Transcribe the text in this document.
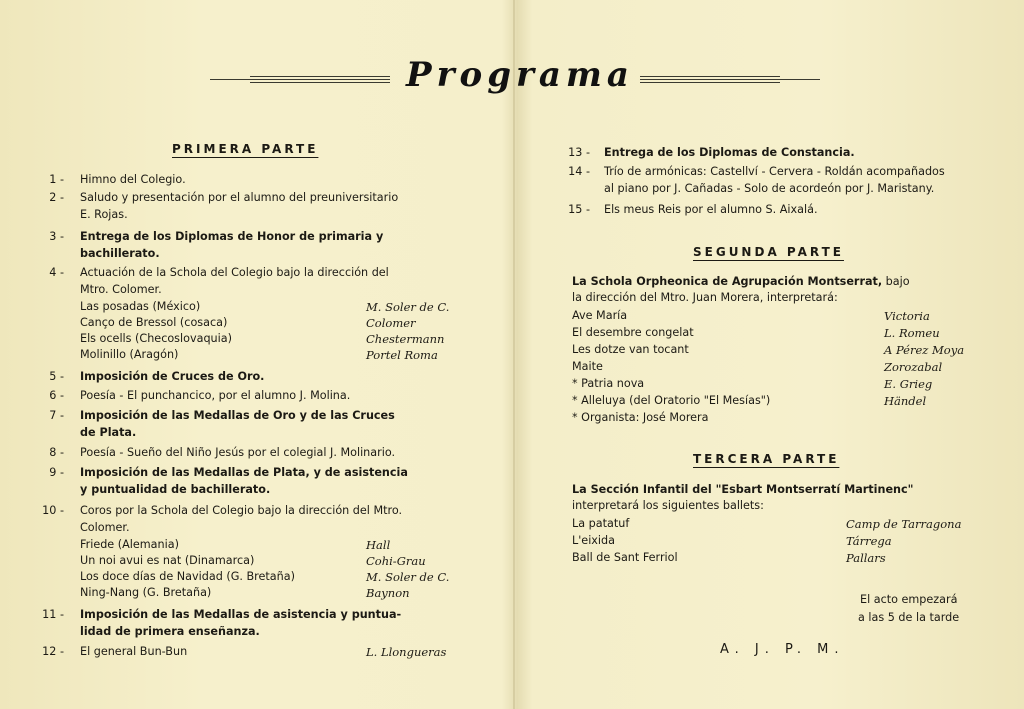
Programa
PRIMERA PARTE
1 - Himno del Colegio.
2 - Saludo y presentación por el alumno del preuniversitario
E. Rojas.
3 - Entrega de los Diplomas de Honor de primaria y
bachillerato.
4 - Actuación de la Schola del Colegio bajo la dirección del
Mtro. Colomer.
Las posadas (México)	M. Soler de C.
Canço de Bressol (cosaca)	Colomer
Els ocells (Checoslovaquia)	Chestermann
Molinillo (Aragón)	Portel Roma
5 - Imposición de Cruces de Oro.
6 - Poesía - El punchancico, por el alumno J. Molina.
7 - Imposición de las Medallas de Oro y de las Cruces
de Plata.
8 - Poesía - Sueño del Niño Jesús por el colegial J. Molinario.
9 - Imposición de las Medallas de Plata, y de asistencia
y puntualidad de bachillerato.
10 - Coros por la Schola del Colegio bajo la dirección del Mtro.
Colomer.
Friede (Alemania)	Hall
Un noi avui es nat (Dinamarca)	Cohi-Grau
Los doce días de Navidad (G. Bretaña)	M. Soler de C.
Ning-Nang (G. Bretaña)	Baynon
11 - Imposición de las Medallas de asistencia y puntua-
lidad de primera enseñanza.
12 - El general Bun-Bun	L. Llongueras
13 - Entrega de los Diplomas de Constancia.
14 - Trío de armónicas: Castellví - Cervera - Roldán acompañados
al piano por J. Cañadas - Solo de acordeón por J. Maristany.
15 - Els meus Reis por el alumno S. Aixalá.
SEGUNDA PARTE
La Schola Orpheonica de Agrupación Montserrat, bajo
la dirección del Mtro. Juan Morera, interpretará:
Ave María	Victoria
El desembre congelat	L. Romeu
Les dotze van tocant	A Pérez Moya
Maite	Zorozabal
* Patria nova	E. Grieg
* Alleluya (del Oratorio "El Mesías")	Händel
* Organista: José Morera
TERCERA PARTE
La Sección Infantil del "Esbart Montserratí Martinenc"
interpretará los siguientes ballets:
La patatuf	Camp de Tarragona
L'eixida	Tárrega
Ball de Sant Ferriol	Pallars
El acto empezará
a las 5 de la tarde
A. J. P. M.
